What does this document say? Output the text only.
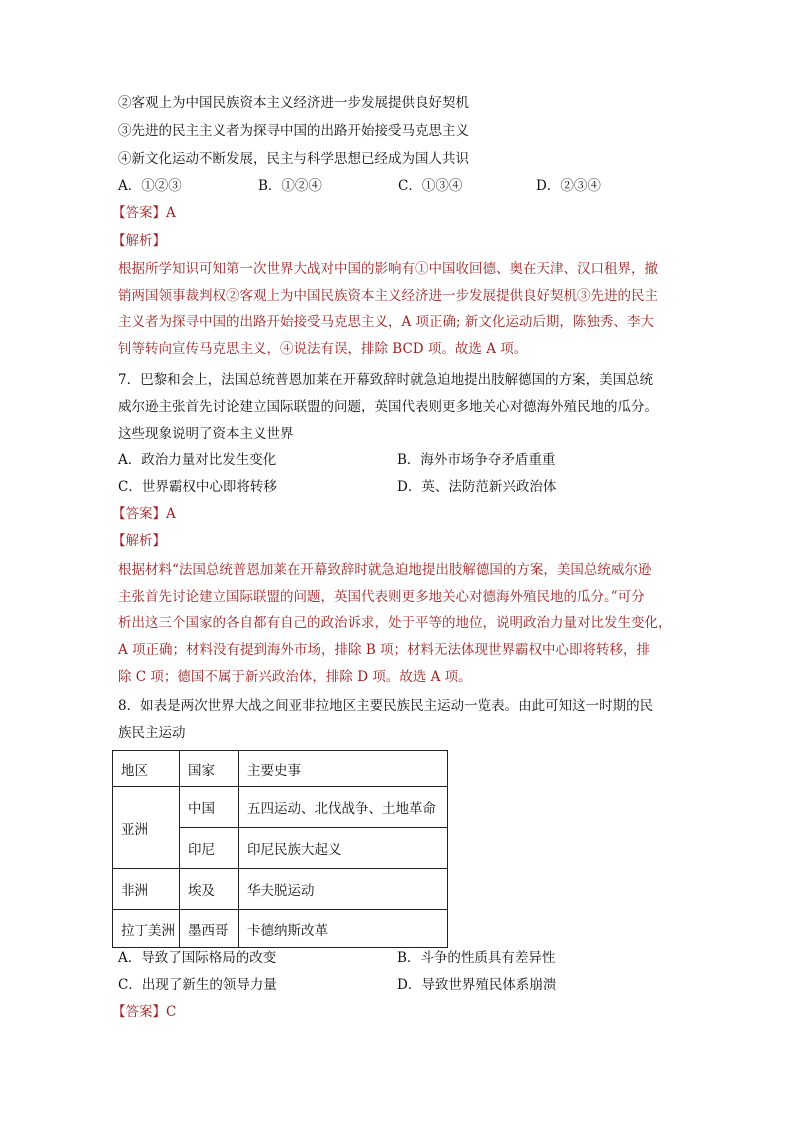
②客观上为中国民族资本主义经济进一步发展提供良好契机
③先进的民主主义者为探寻中国的出路开始接受马克思主义
④新文化运动不断发展，民主与科学思想已经成为国人共识
A．①②③	B．①②④	C．①③④	D．②③④
【答案】A
【解析】
根据所学知识可知第一次世界大战对中国的影响有①中国收回德、奥在天津、汉口租界，撤
销两国领事裁判权②客观上为中国民族资本主义经济进一步发展提供良好契机③先进的民主
主义者为探寻中国的出路开始接受马克思主义，A 项正确; 新文化运动后期，陈独秀、李大
钊等转向宣传马克思主义，④说法有误，排除 BCD 项。故选 A 项。
7．巴黎和会上，法国总统普恩加莱在开幕致辞时就急迫地提出肢解德国的方案，美国总统
威尔逊主张首先讨论建立国际联盟的问题，英国代表则更多地关心对德海外殖民地的瓜分。
这些现象说明了资本主义世界
A．政治力量对比发生变化	B．海外市场争夺矛盾重重
C．世界霸权中心即将转移	D．英、法防范新兴政治体
【答案】A
【解析】
根据材料“法国总统普恩加莱在开幕致辞时就急迫地提出肢解德国的方案，美国总统威尔逊
主张首先讨论建立国际联盟的问题，英国代表则更多地关心对德海外殖民地的瓜分。”可分
析出这三个国家的各自都有自己的政治诉求，处于平等的地位，说明政治力量对比发生变化，
A 项正确；材料没有提到海外市场，排除 B 项；材料无法体现世界霸权中心即将转移，排
除 C 项；德国不属于新兴政治体，排除 D 项。故选 A 项。
8．如表是两次世界大战之间亚非拉地区主要民族民主运动一览表。由此可知这一时期的民
族民主运动
地区	国家	主要史事
亚洲	中国	五四运动、北伐战争、土地革命
	印尼	印尼民族大起义
非洲	埃及	华夫脱运动
拉丁美洲	墨西哥	卡德纳斯改革
A．导致了国际格局的改变	B．斗争的性质具有差异性
C．出现了新生的领导力量	D．导致世界殖民体系崩溃
【答案】C
